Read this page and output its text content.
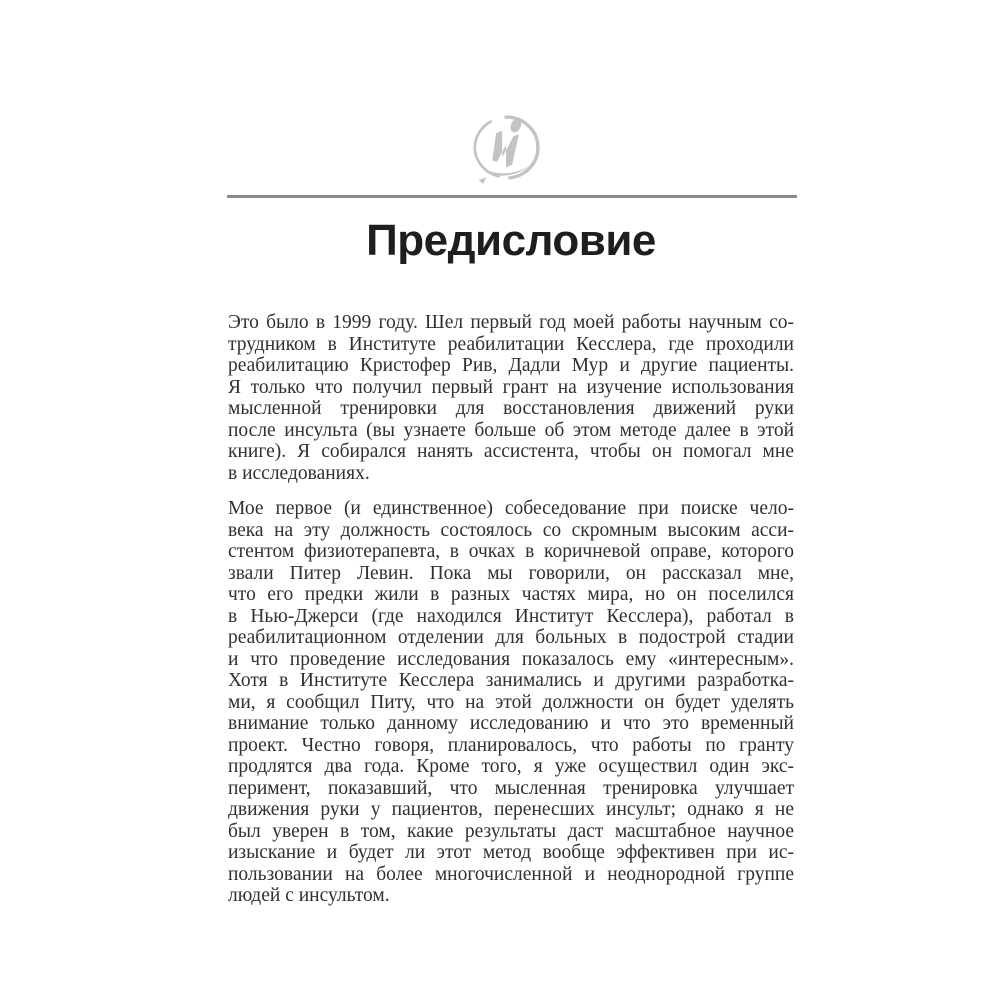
Предисловие
Это было в 1999 году. Шел первый год моей работы научным со-
трудником в Институте реабилитации Кесслера, где проходили
реабилитацию Кристофер Рив, Дадли Мур и другие пациенты.
Я только что получил первый грант на изучение использования
мысленной тренировки для восстановления движений руки
после инсульта (вы узнаете больше об этом методе далее в этой
книге). Я собирался нанять ассистента, чтобы он помогал мне
в исследованиях.
Мое первое (и единственное) собеседование при поиске чело-
века на эту должность состоялось со скромным высоким асси-
стентом физиотерапевта, в очках в коричневой оправе, которого
звали Питер Левин. Пока мы говорили, он рассказал мне,
что его предки жили в разных частях мира, но он поселился
в Нью-Джерси (где находился Институт Кесслера), работал в
реабилитационном отделении для больных в подострой стадии
и что проведение исследования показалось ему «интересным».
Хотя в Институте Кесслера занимались и другими разработка-
ми, я сообщил Питу, что на этой должности он будет уделять
внимание только данному исследованию и что это временный
проект. Честно говоря, планировалось, что работы по гранту
продлятся два года. Кроме того, я уже осуществил один экс-
перимент, показавший, что мысленная тренировка улучшает
движения руки у пациентов, перенесших инсульт; однако я не
был уверен в том, какие результаты даст масштабное научное
изыскание и будет ли этот метод вообще эффективен при ис-
пользовании на более многочисленной и неоднородной группе
людей с инсультом.
